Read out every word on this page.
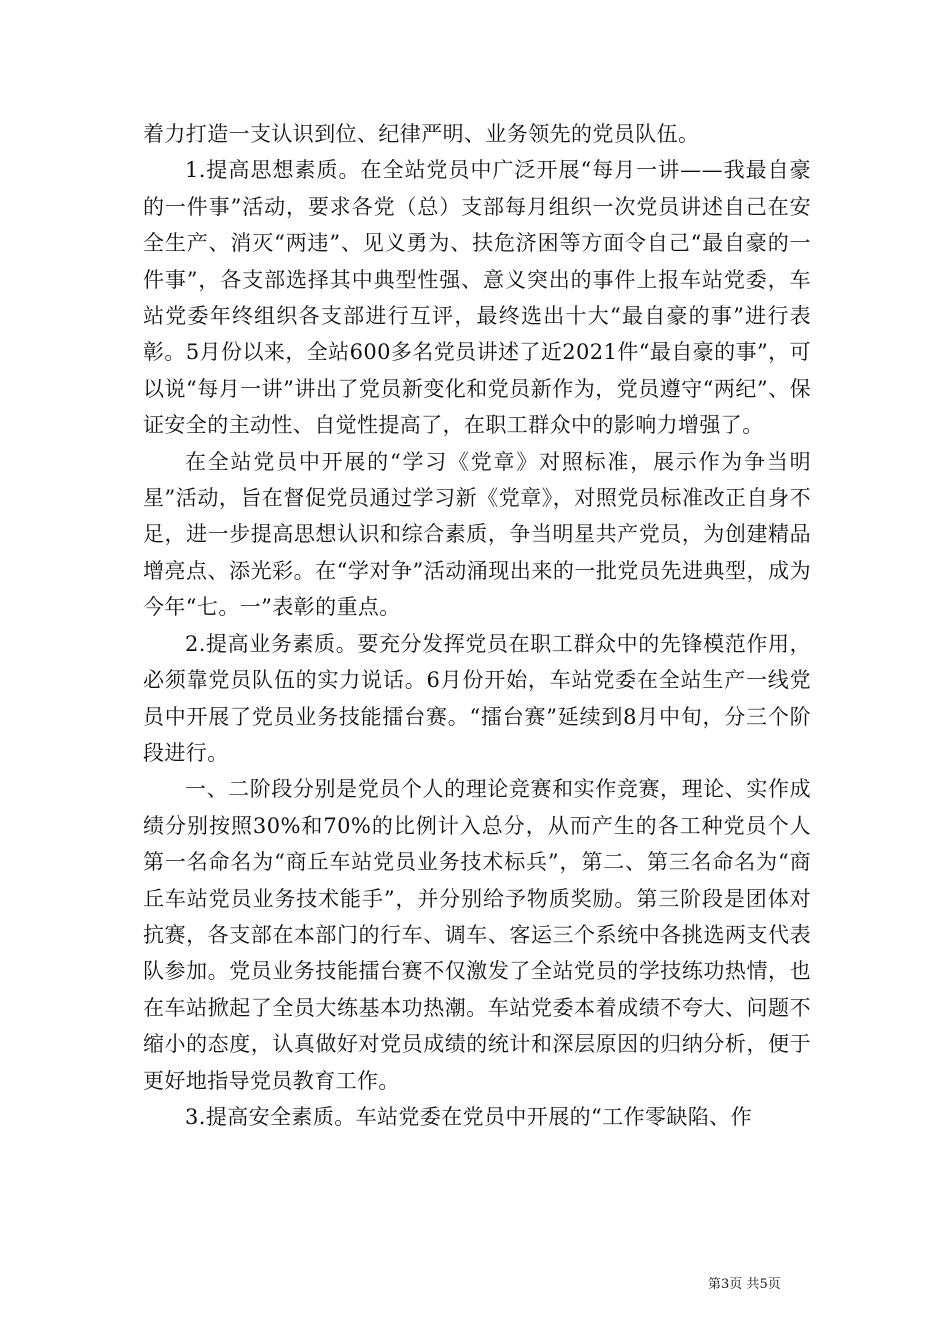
着力打造一支认识到位、纪律严明、业务领先的党员队伍。

1.提高思想素质。在全站党员中广泛开展“每月一讲——我最自豪的一件事”活动，要求各党（总）支部每月组织一次党员讲述自己在安全生产、消灭“两违”、见义勇为、扶危济困等方面令自己“最自豪的一件事”，各支部选择其中典型性强、意义突出的事件上报车站党委，车站党委年终组织各支部进行互评，最终选出十大“最自豪的事”进行表彰。5月份以来，全站600多名党员讲述了近2021件“最自豪的事”，可以说“每月一讲”讲出了党员新变化和党员新作为，党员遵守“两纪”、保证安全的主动性、自觉性提高了，在职工群众中的影响力增强了。

在全站党员中开展的“学习《党章》对照标准，展示作为争当明星”活动，旨在督促党员通过学习新《党章》，对照党员标准改正自身不足，进一步提高思想认识和综合素质，争当明星共产党员，为创建精品增亮点、添光彩。在“学对争”活动涌现出来的一批党员先进典型，成为今年“七。一”表彰的重点。

2.提高业务素质。要充分发挥党员在职工群众中的先锋模范作用，必须靠党员队伍的实力说话。6月份开始，车站党委在全站生产一线党员中开展了党员业务技能擂台赛。“擂台赛”延续到8月中旬，分三个阶段进行。

一、二阶段分别是党员个人的理论竞赛和实作竞赛，理论、实作成绩分别按照30%和70%的比例计入总分，从而产生的各工种党员个人第一名命名为“商丘车站党员业务技术标兵”，第二、第三名命名为“商丘车站党员业务技术能手”，并分别给予物质奖励。第三阶段是团体对抗赛，各支部在本部门的行车、调车、客运三个系统中各挑选两支代表队参加。党员业务技能擂台赛不仅激发了全站党员的学技练功热情，也在车站掀起了全员大练基本功热潮。车站党委本着成绩不夸大、问题不缩小的态度，认真做好对党员成绩的统计和深层原因的归纳分析，便于更好地指导党员教育工作。

3.提高安全素质。车站党委在党员中开展的“工作零缺陷、作

第3页 共5页
